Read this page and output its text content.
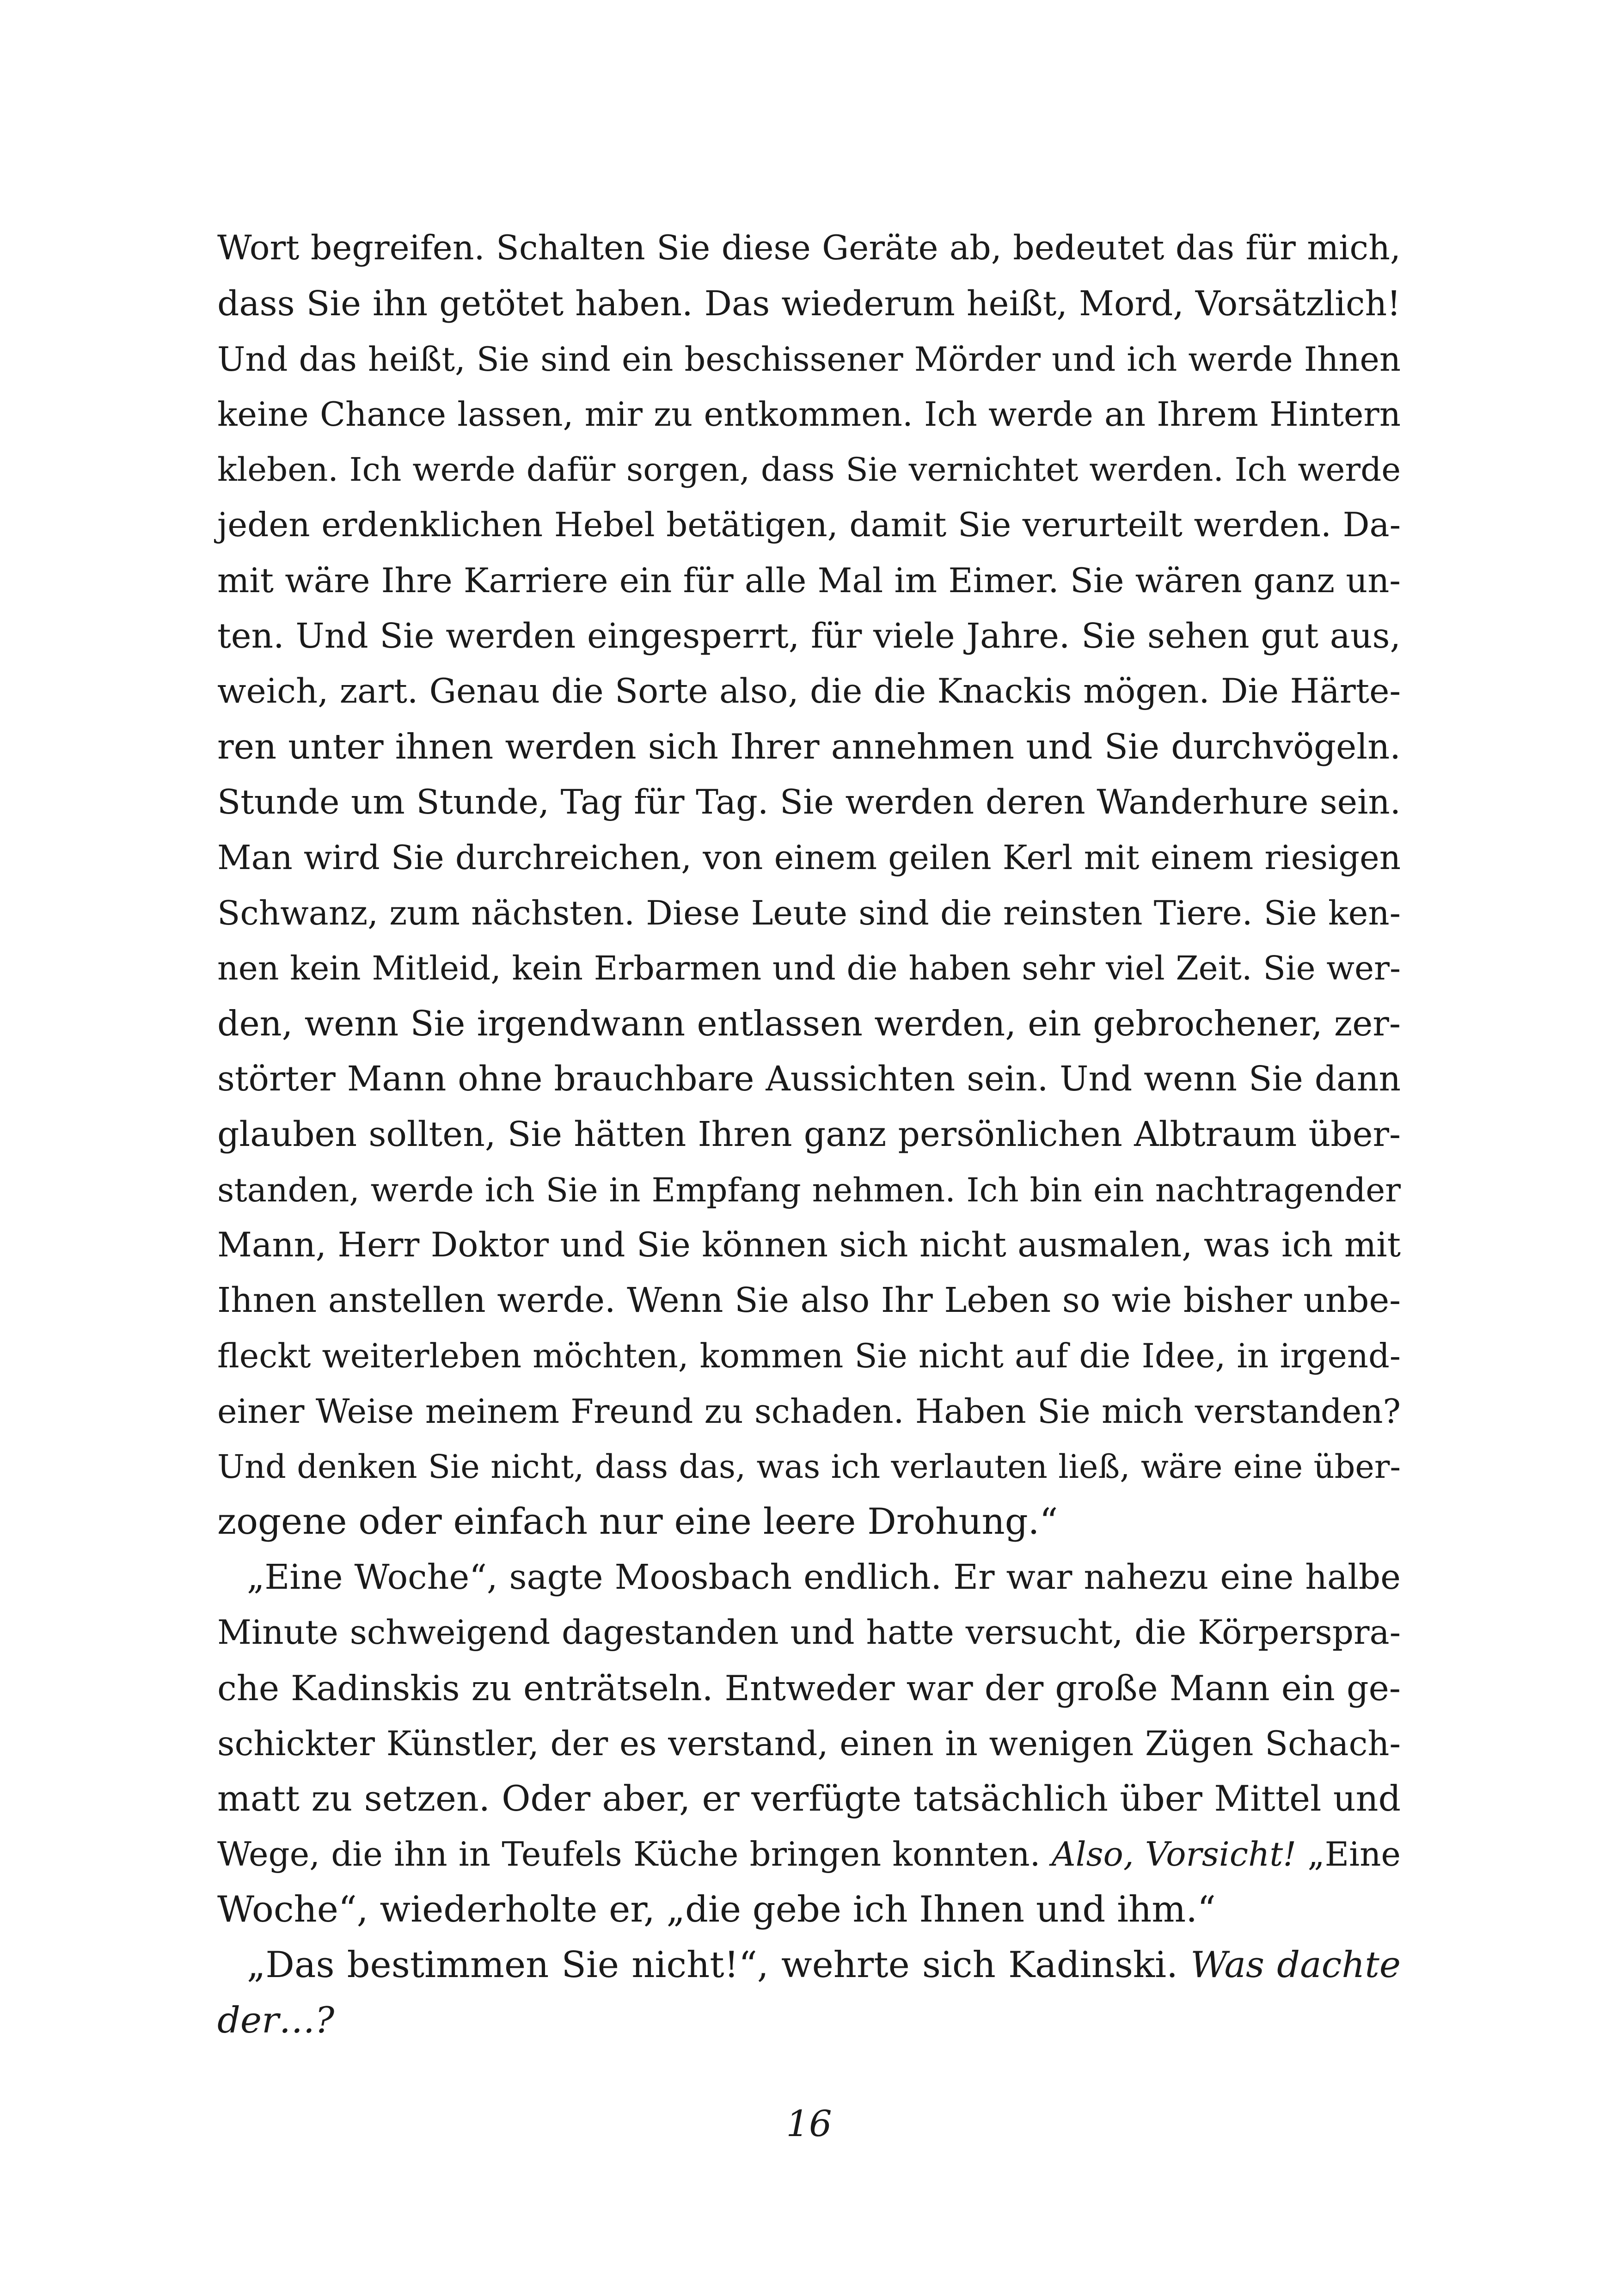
Wort begreifen. Schalten Sie diese Geräte ab, bedeutet das für mich,
dass Sie ihn getötet haben. Das wiederum heißt, Mord, Vorsätzlich!
Und das heißt, Sie sind ein beschissener Mörder und ich werde Ihnen
keine Chance lassen, mir zu entkommen. Ich werde an Ihrem Hintern
kleben. Ich werde dafür sorgen, dass Sie vernichtet werden. Ich werde
jeden erdenklichen Hebel betätigen, damit Sie verurteilt werden. Da-
mit wäre Ihre Karriere ein für alle Mal im Eimer. Sie wären ganz un-
ten. Und Sie werden eingesperrt, für viele Jahre. Sie sehen gut aus,
weich, zart. Genau die Sorte also, die die Knackis mögen. Die Härte-
ren unter ihnen werden sich Ihrer annehmen und Sie durchvögeln.
Stunde um Stunde, Tag für Tag. Sie werden deren Wanderhure sein.
Man wird Sie durchreichen, von einem geilen Kerl mit einem riesigen
Schwanz, zum nächsten. Diese Leute sind die reinsten Tiere. Sie ken-
nen kein Mitleid, kein Erbarmen und die haben sehr viel Zeit. Sie wer-
den, wenn Sie irgendwann entlassen werden, ein gebrochener, zer-
störter Mann ohne brauchbare Aussichten sein. Und wenn Sie dann
glauben sollten, Sie hätten Ihren ganz persönlichen Albtraum über-
standen, werde ich Sie in Empfang nehmen. Ich bin ein nachtragender
Mann, Herr Doktor und Sie können sich nicht ausmalen, was ich mit
Ihnen anstellen werde. Wenn Sie also Ihr Leben so wie bisher unbe-
fleckt weiterleben möchten, kommen Sie nicht auf die Idee, in irgend-
einer Weise meinem Freund zu schaden. Haben Sie mich verstanden?
Und denken Sie nicht, dass das, was ich verlauten ließ, wäre eine über-
zogene oder einfach nur eine leere Drohung.“
„Eine Woche“, sagte Moosbach endlich. Er war nahezu eine halbe
Minute schweigend dagestanden und hatte versucht, die Körperspra-
che Kadinskis zu enträtseln. Entweder war der große Mann ein ge-
schickter Künstler, der es verstand, einen in wenigen Zügen Schach-
matt zu setzen. Oder aber, er verfügte tatsächlich über Mittel und
Wege, die ihn in Teufels Küche bringen konnten. Also, Vorsicht! „Eine
Woche“, wiederholte er, „die gebe ich Ihnen und ihm.“
„Das bestimmen Sie nicht!“, wehrte sich Kadinski. Was dachte
der…?
16
